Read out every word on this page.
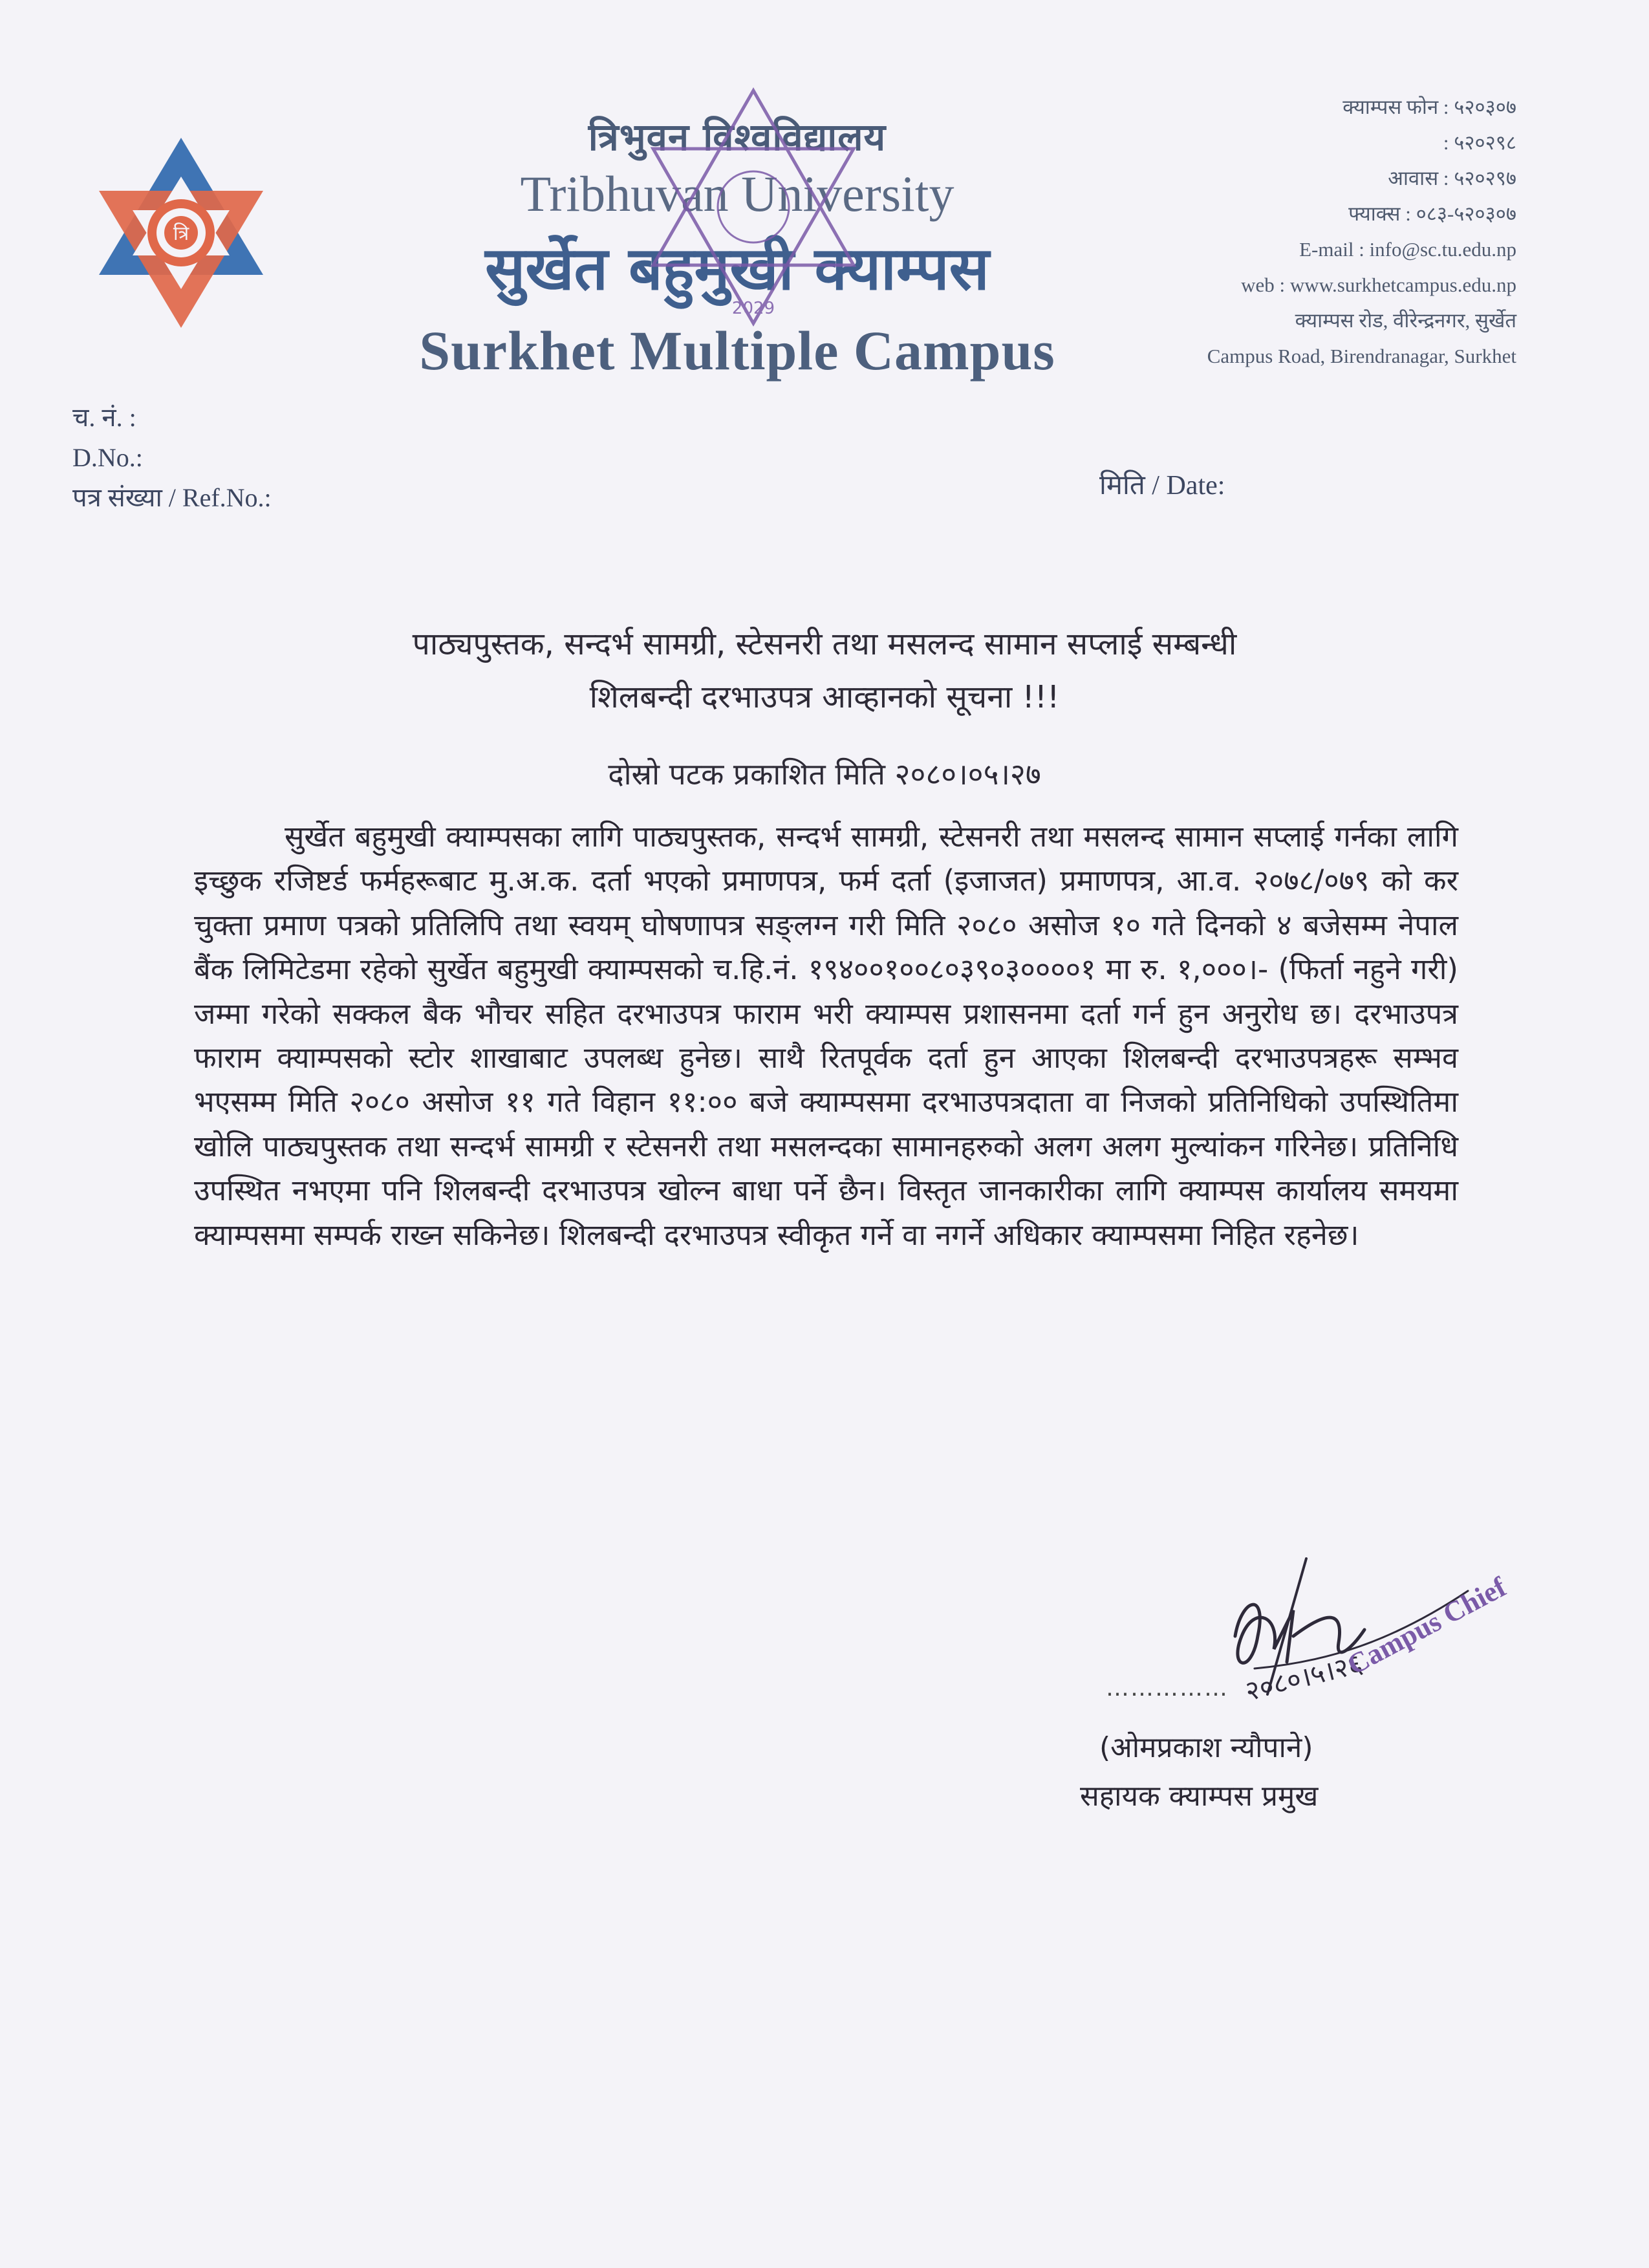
त्रि
त्रिभुवन विश्वविद्यालय
Tribhuvan University
सुर्खेत बहुमुखी क्याम्पस
Surkhet Multiple Campus
2029
क्याम्पस फोन : ५२०३०७
: ५२०२९८
आवास : ५२०२९७
फ्याक्स : ०८३-५२०३०७
E-mail : info@sc.tu.edu.np
web : www.surkhetcampus.edu.np
क्याम्पस रोड, वीरेन्द्रनगर, सुर्खेत
Campus Road, Birendranagar, Surkhet
च. नं. :
D.No.:
पत्र संख्या / Ref.No.:	मिति / Date:
पाठ्यपुस्तक, सन्दर्भ सामग्री, स्टेसनरी तथा मसलन्द सामान सप्लाई सम्बन्धी
शिलबन्दी दरभाउपत्र आव्हानको सूचना !!!
दोस्रो पटक प्रकाशित मिति २०८०।०५।२७

सुर्खेत बहुमुखी क्याम्पसका लागि पाठ्यपुस्तक, सन्दर्भ सामग्री, स्टेसनरी तथा मसलन्द सामान सप्लाई गर्नका लागि इच्छुक रजिष्टर्ड फर्महरूबाट मु.अ.क. दर्ता भएको प्रमाणपत्र, फर्म दर्ता (इजाजत) प्रमाणपत्र, आ.व. २०७८/०७९ को कर चुक्ता प्रमाण पत्रको प्रतिलिपि तथा स्वयम् घोषणापत्र सङ्लग्न गरी मिति २०८० असोज १० गते दिनको ४ बजेसम्म नेपाल बैंक लिमिटेडमा रहेको सुर्खेत बहुमुखी क्याम्पसको च.हि.नं. १९४००१००८०३९०३००००१ मा रु. १,०००।- (फिर्ता नहुने गरी) जम्मा गरेको सक्कल बैक भौचर सहित दरभाउपत्र फाराम भरी क्याम्पस प्रशासनमा दर्ता गर्न हुन अनुरोध छ। दरभाउपत्र फाराम क्याम्पसको स्टोर शाखाबाट उपलब्ध हुनेछ। साथै रितपूर्वक दर्ता हुन आएका शिलबन्दी दरभाउपत्रहरू सम्भव भएसम्म मिति २०८० असोज ११ गते विहान ११:०० बजे क्याम्पसमा दरभाउपत्रदाता वा निजको प्रतिनिधिको उपस्थितिमा खोलि पाठ्यपुस्तक तथा सन्दर्भ सामग्री र स्टेसनरी तथा मसलन्दका सामानहरुको अलग अलग मुल्यांकन गरिनेछ। प्रतिनिधि उपस्थित नभएमा पनि शिलबन्दी दरभाउपत्र खोल्न बाधा पर्ने छैन। विस्तृत जानकारीका लागि क्याम्पस कार्यालय समयमा क्याम्पसमा सम्पर्क राख्न सकिनेछ। शिलबन्दी दरभाउपत्र स्वीकृत गर्ने वा नगर्ने अधिकार क्याम्पसमा निहित रहनेछ।

२०८०।५।२६
Campus Chief
……………
(ओमप्रकाश न्यौपाने)
सहायक क्याम्पस प्रमुख
